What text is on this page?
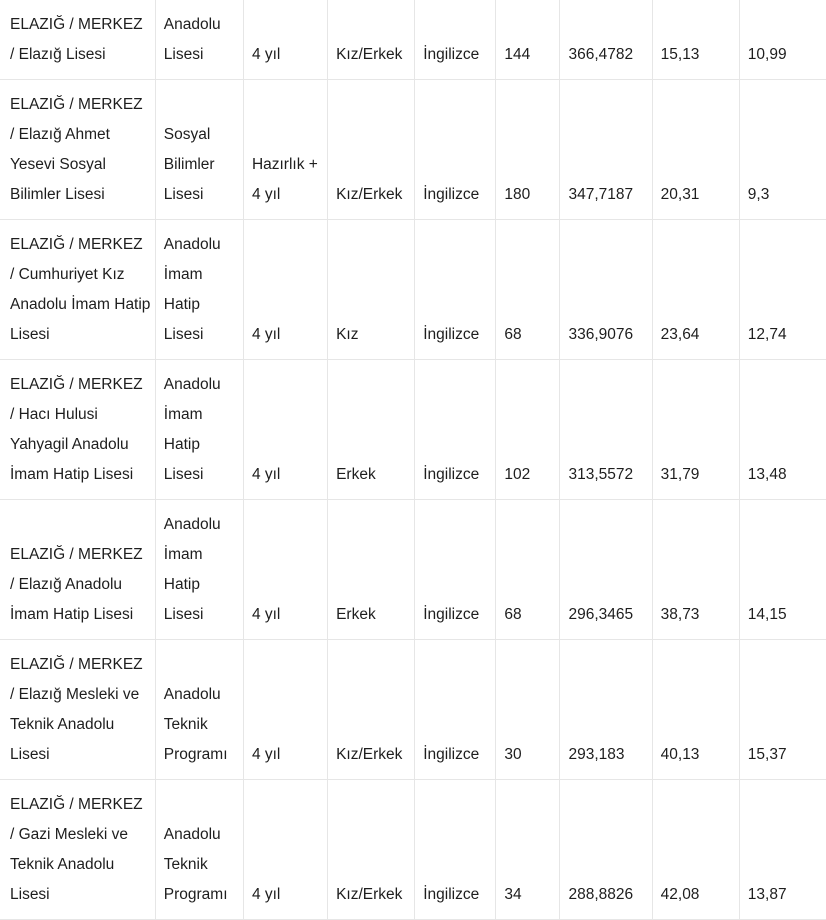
ELAZIĞ / MERKEZ / Elazığ Lisesi	Anadolu Lisesi	4 yıl	Kız/Erkek	İngilizce	144	366,4782	15,13	10,99
ELAZIĞ / MERKEZ / Elazığ Ahmet Yesevi Sosyal Bilimler Lisesi	Sosyal Bilimler Lisesi	Hazırlık + 4 yıl	Kız/Erkek	İngilizce	180	347,7187	20,31	9,3
ELAZIĞ / MERKEZ / Cumhuriyet Kız Anadolu İmam Hatip Lisesi	Anadolu İmam Hatip Lisesi	4 yıl	Kız	İngilizce	68	336,9076	23,64	12,74
ELAZIĞ / MERKEZ / Hacı Hulusi Yahyagil Anadolu İmam Hatip Lisesi	Anadolu İmam Hatip Lisesi	4 yıl	Erkek	İngilizce	102	313,5572	31,79	13,48
ELAZIĞ / MERKEZ / Elazığ Anadolu İmam Hatip Lisesi	Anadolu İmam Hatip Lisesi	4 yıl	Erkek	İngilizce	68	296,3465	38,73	14,15
ELAZIĞ / MERKEZ / Elazığ Mesleki ve Teknik Anadolu Lisesi	Anadolu Teknik Programı	4 yıl	Kız/Erkek	İngilizce	30	293,183	40,13	15,37
ELAZIĞ / MERKEZ / Gazi Mesleki ve Teknik Anadolu Lisesi	Anadolu Teknik Programı	4 yıl	Kız/Erkek	İngilizce	34	288,8826	42,08	13,87
